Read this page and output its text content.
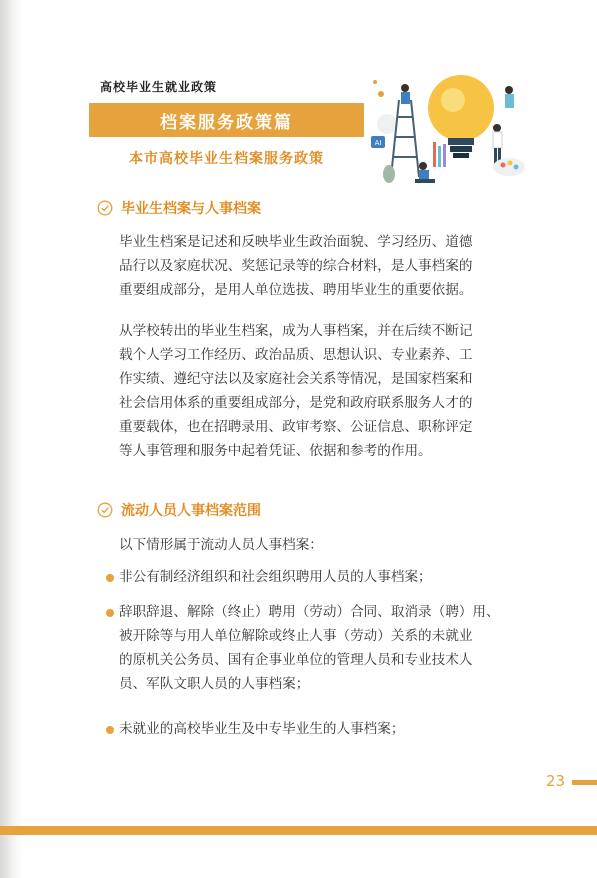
高校毕业生就业政策
档案服务政策篇
本市高校毕业生档案服务政策
AI
毕业生档案与人事档案

毕业生档案是记述和反映毕业生政治面貌、学习经历、道德
品行以及家庭状况、奖惩记录等的综合材料，是人事档案的
重要组成部分，是用人单位选拔、聘用毕业生的重要依据。

从学校转出的毕业生档案，成为人事档案，并在后续不断记
载个人学习工作经历、政治品质、思想认识、专业素养、工
作实绩、遵纪守法以及家庭社会关系等情况，是国家档案和
社会信用体系的重要组成部分，是党和政府联系服务人才的
重要载体，也在招聘录用、政审考察、公证信息、职称评定
等人事管理和服务中起着凭证、依据和参考的作用。

流动人员人事档案范围

以下情形属于流动人员人事档案：

非公有制经济组织和社会组织聘用人员的人事档案；

辞职辞退、解除（终止）聘用（劳动）合同、取消录（聘）用、
被开除等与用人单位解除或终止人事（劳动）关系的未就业
的原机关公务员、国有企事业单位的管理人员和专业技术人
员、军队文职人员的人事档案；

未就业的高校毕业生及中专毕业生的人事档案；

23
